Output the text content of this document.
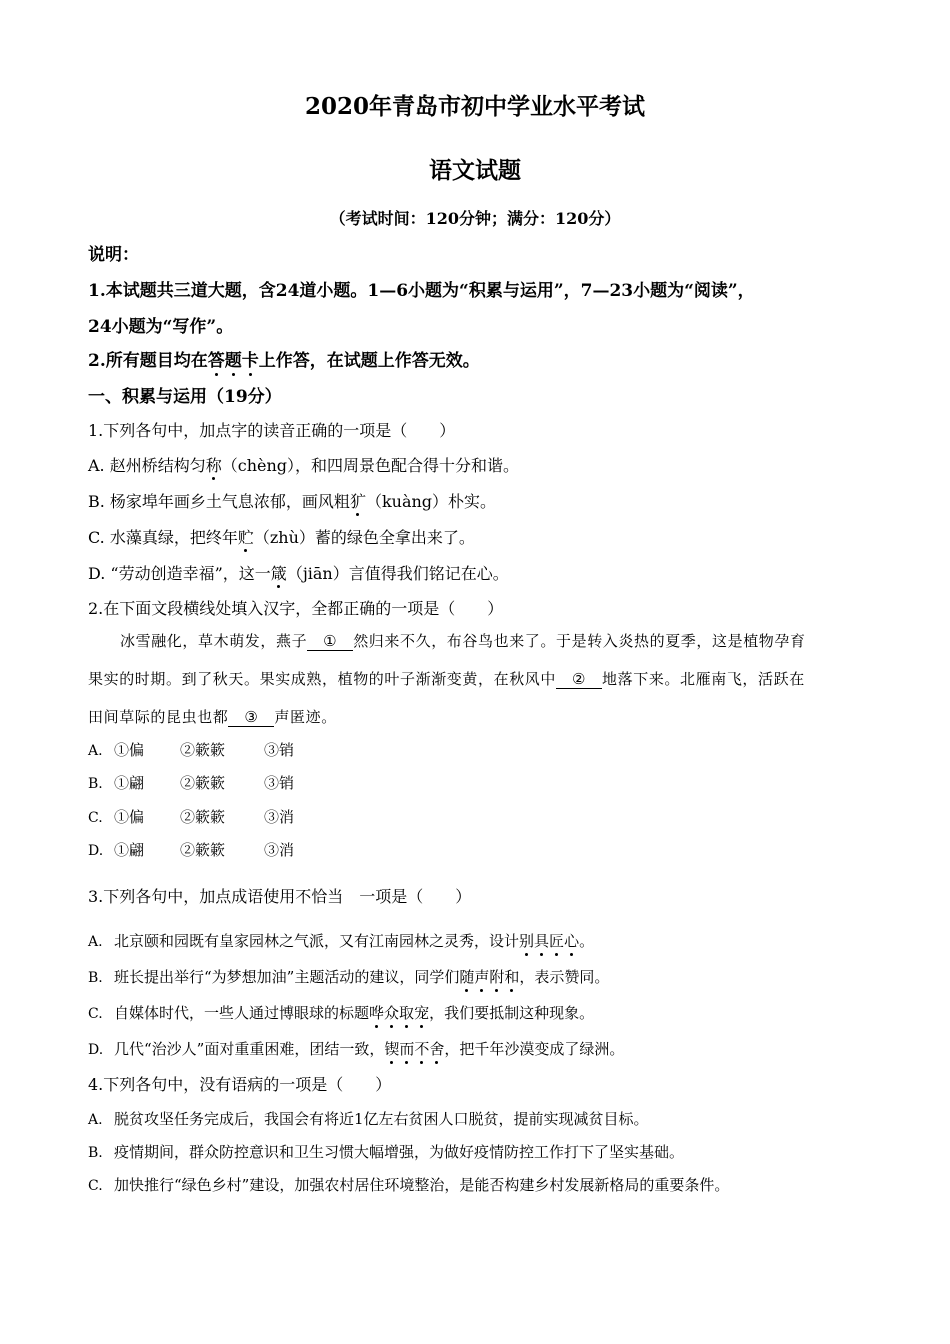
2020年青岛市初中学业水平考试
语文试题
（考试时间：120分钟；满分：120分）
说明：
1.本试题共三道大题，含24道小题。1—6小题为“积累与运用”，7—23小题为“阅读”，
24小题为“写作”。
2.所有题目均在答题卡上作答，在试题上作答无效。
一、积累与运用（19分）
1.下列各句中，加点字的读音正确的一项是（　　）
A. 赵州桥结构匀称（chèng），和四周景色配合得十分和谐。
B. 杨家埠年画乡土气息浓郁，画风粗犷（kuàng）朴实。
C. 水藻真绿，把终年贮（zhù）蓄的绿色全拿出来了。
D. “劳动创造幸福”，这一箴（jiān）言值得我们铭记在心。
2.在下面文段横线处填入汉字，全都正确的一项是（　　）
冰雪融化，草木萌发，燕子 ① 然归来不久，布谷鸟也来了。于是转入炎热的夏季，这是植物孕育
果实的时期。到了秋天。果实成熟，植物的叶子渐渐变黄，在秋风中 ② 地落下来。北雁南飞，活跃在
田间草际的昆虫也都 ③ 声匿迹。
A. ①偏 ②簌簌	③销
B. ①翩 ②簌簌	③销
C. ①偏 ②簌簌	③消
D. ①翩 ②簌簌	③消
3.下列各句中，加点成语使用不恰当　一项是（　　）
A. 北京颐和园既有皇家园林之气派，又有江南园林之灵秀，设计别具匠心。
B. 班长提出举行“为梦想加油”主题活动的建议，同学们随声附和，表示赞同。
C. 自媒体时代，一些人通过博眼球的标题哗众取宠，我们要抵制这种现象。
D. 几代“治沙人”面对重重困难，团结一致，锲而不舍，把千年沙漠变成了绿洲。
4.下列各句中，没有语病的一项是（　　）
A. 脱贫攻坚任务完成后，我国会有将近1亿左右贫困人口脱贫，提前实现减贫目标。
B. 疫情期间，群众防控意识和卫生习惯大幅增强，为做好疫情防控工作打下了坚实基础。
C. 加快推行“绿色乡村”建设，加强农村居住环境整治，是能否构建乡村发展新格局的重要条件。
